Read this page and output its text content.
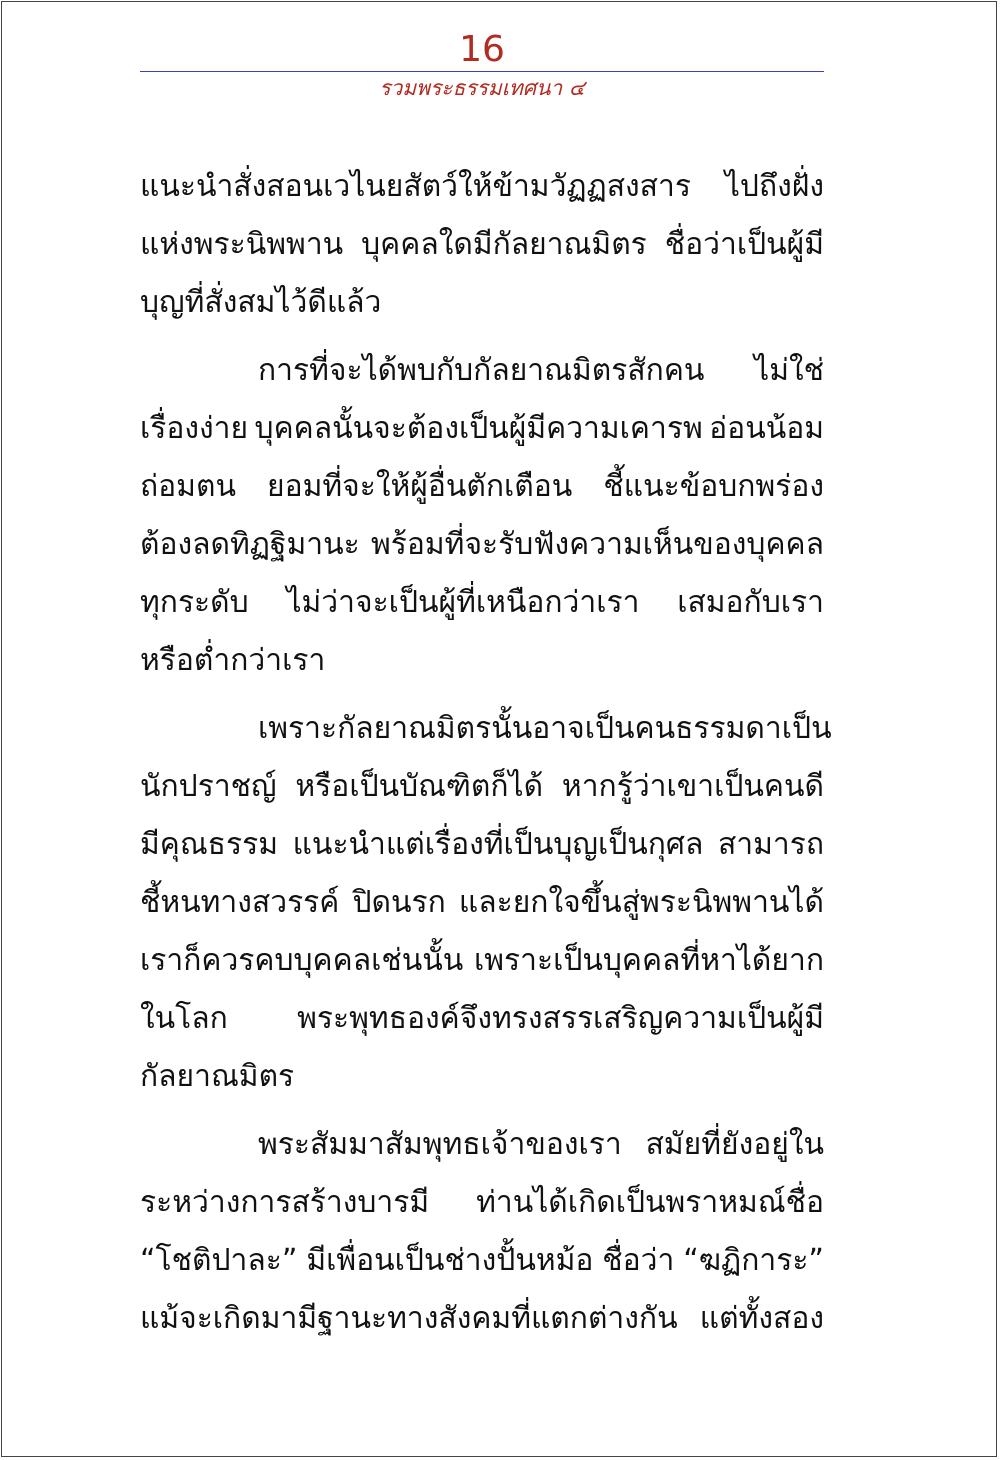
16
รวมพระธรรมเทศนา ๔
แนะนำสั่งสอนเวไนยสัตว์ให้ข้ามวัฏฏสงสาร ไปถึงฝั่ง
แห่งพระนิพพาน บุคคลใดมีกัลยาณมิตร ชื่อว่าเป็นผู้มี
บุญที่สั่งสมไว้ดีแล้ว
การที่จะได้พบกับกัลยาณมิตรสักคน ไม่ใช่
เรื่องง่าย บุคคลนั้นจะต้องเป็นผู้มีความเคารพ อ่อนน้อม
ถ่อมตน ยอมที่จะให้ผู้อื่นตักเตือน ชี้แนะข้อบกพร่อง
ต้องลดทิฏฐิมานะ พร้อมที่จะรับฟังความเห็นของบุคคล
ทุกระดับ ไม่ว่าจะเป็นผู้ที่เหนือกว่าเรา เสมอกับเรา
หรือต่ำกว่าเรา
เพราะกัลยาณมิตรนั้นอาจเป็นคนธรรมดา เป็น
นักปราชญ์ หรือเป็นบัณฑิตก็ได้ หากรู้ว่าเขาเป็นคนดี
มีคุณธรรม แนะนำแต่เรื่องที่เป็นบุญเป็นกุศล สามารถ
ชี้หนทางสวรรค์ ปิดนรก และยกใจขึ้นสู่พระนิพพานได้
เราก็ควรคบบุคคลเช่นนั้น เพราะเป็นบุคคลที่หาได้ยาก
ในโลก พระพุทธองค์จึงทรงสรรเสริญความเป็นผู้มี
กัลยาณมิตร
พระสัมมาสัมพุทธเจ้าของเรา สมัยที่ยังอยู่ใน
ระหว่างการสร้างบารมี ท่านได้เกิดเป็นพราหมณ์ชื่อ
“โชติปาละ” มีเพื่อนเป็นช่างปั้นหม้อ ชื่อว่า “ฆฏิการะ”
แม้จะเกิดมามีฐานะทางสังคมที่แตกต่างกัน แต่ทั้งสอง
